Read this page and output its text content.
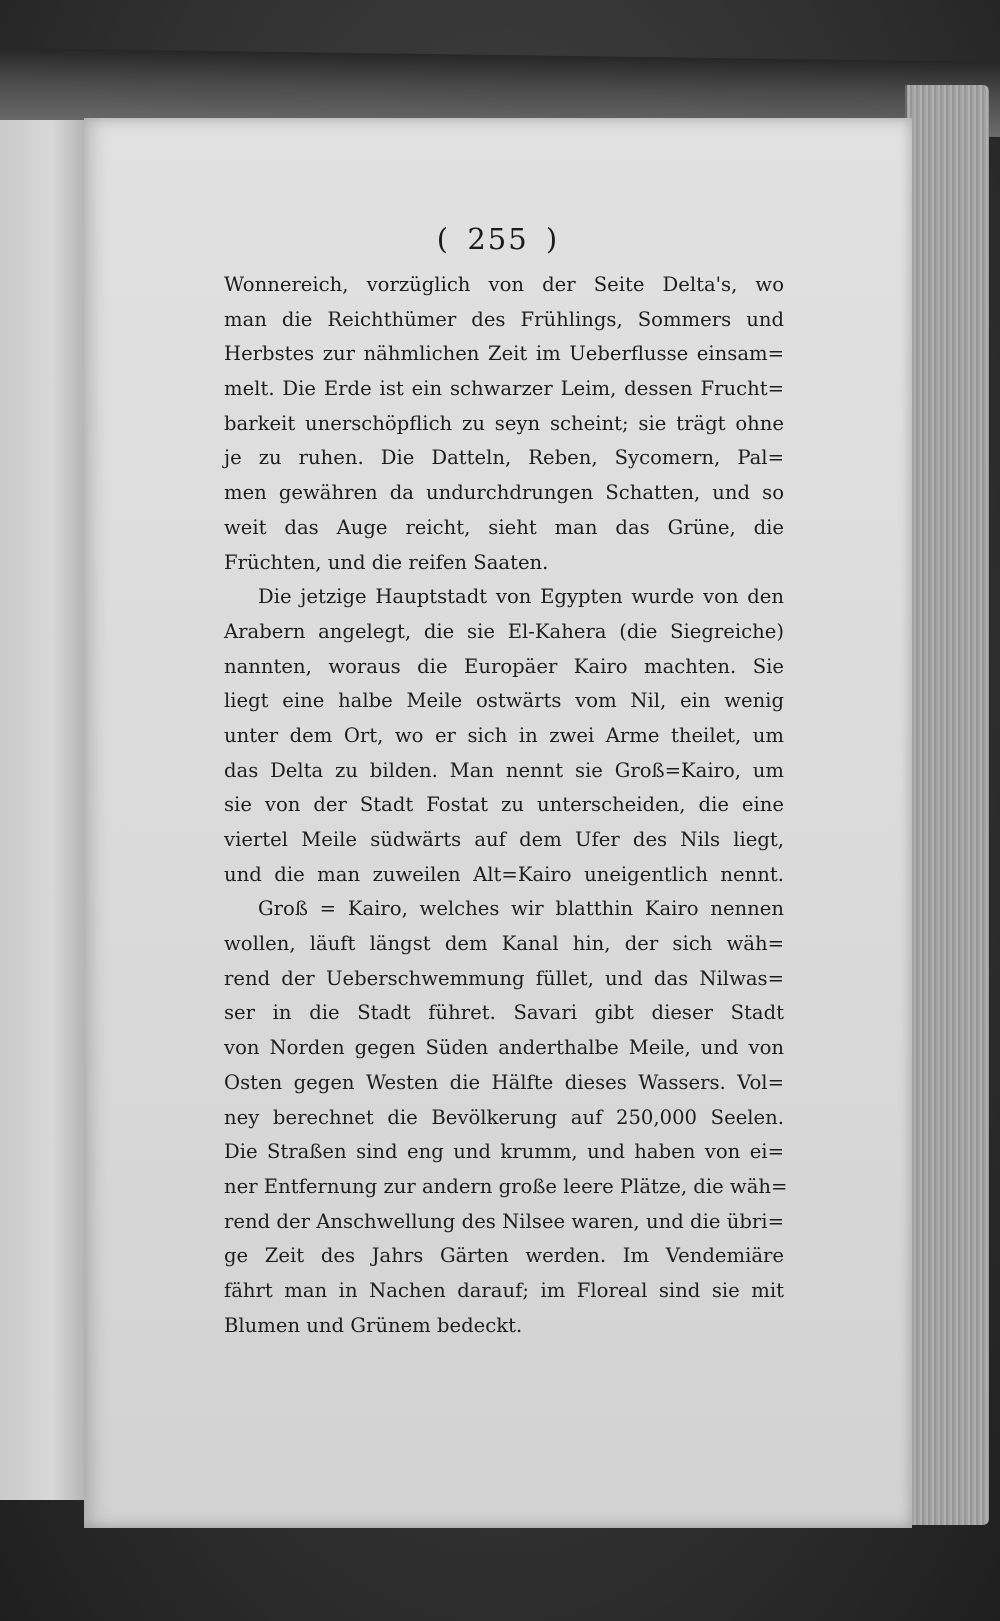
( 255 )
Wonnereich, vorzüglich von der Seite Delta's, wo
man die Reichthümer des Frühlings, Sommers und
Herbstes zur nähmlichen Zeit im Ueberflusse einsam=
melt. Die Erde ist ein schwarzer Leim, dessen Frucht=
barkeit unerschöpflich zu seyn scheint; sie trägt ohne
je zu ruhen. Die Datteln, Reben, Sycomern, Pal=
men gewähren da undurchdrungen Schatten, und so
weit das Auge reicht, sieht man das Grüne, die
Früchten, und die reifen Saaten.
Die jetzige Hauptstadt von Egypten wurde von den
Arabern angelegt, die sie El-Kahera (die Siegreiche)
nannten, woraus die Europäer Kairo machten. Sie
liegt eine halbe Meile ostwärts vom Nil, ein wenig
unter dem Ort, wo er sich in zwei Arme theilet, um
das Delta zu bilden. Man nennt sie Groß=Kairo, um
sie von der Stadt Fostat zu unterscheiden, die eine
viertel Meile südwärts auf dem Ufer des Nils liegt,
und die man zuweilen Alt=Kairo uneigentlich nennt.
Groß = Kairo, welches wir blatthin Kairo nennen
wollen, läuft längst dem Kanal hin, der sich wäh=
rend der Ueberschwemmung füllet, und das Nilwas=
ser in die Stadt führet. Savari gibt dieser Stadt
von Norden gegen Süden anderthalbe Meile, und von
Osten gegen Westen die Hälfte dieses Wassers. Vol=
ney berechnet die Bevölkerung auf 250,000 Seelen.
Die Straßen sind eng und krumm, und haben von ei=
ner Entfernung zur andern große leere Plätze, die wäh=
rend der Anschwellung des Nilsee waren, und die übri=
ge Zeit des Jahrs Gärten werden. Im Vendemiäre
fährt man in Nachen darauf; im Floreal sind sie mit
Blumen und Grünem bedeckt.
